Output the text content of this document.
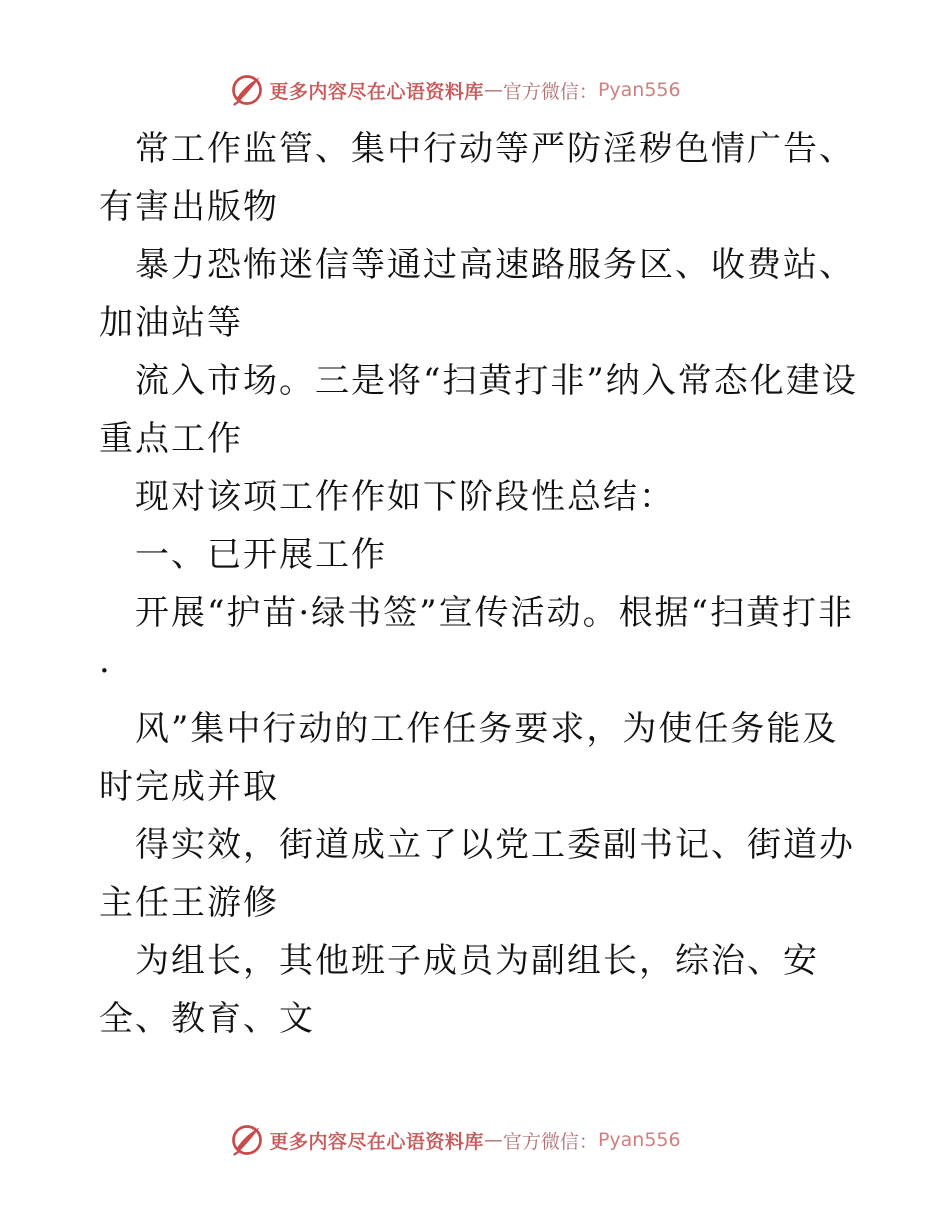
更多内容尽在心语资料库 — 官方微信： Pyan556

常工作监管、集中行动等严防淫秽色情广告、有害出版物

暴力恐怖迷信等通过高速路服务区、收费站、加油站等

流入市场。三是将“扫黄打非”纳入常态化建设重点工作

现对该项工作作如下阶段性总结：

一、已开展工作

开展“护苗·绿书签”宣传活动。根据“扫黄打非·

风”集中行动的工作任务要求，为使任务能及时完成并取

得实效，街道成立了以党工委副书记、街道办主任王游修

为组长，其他班子成员为副组长，综治、安全、教育、文

更多内容尽在心语资料库 — 官方微信： Pyan556
